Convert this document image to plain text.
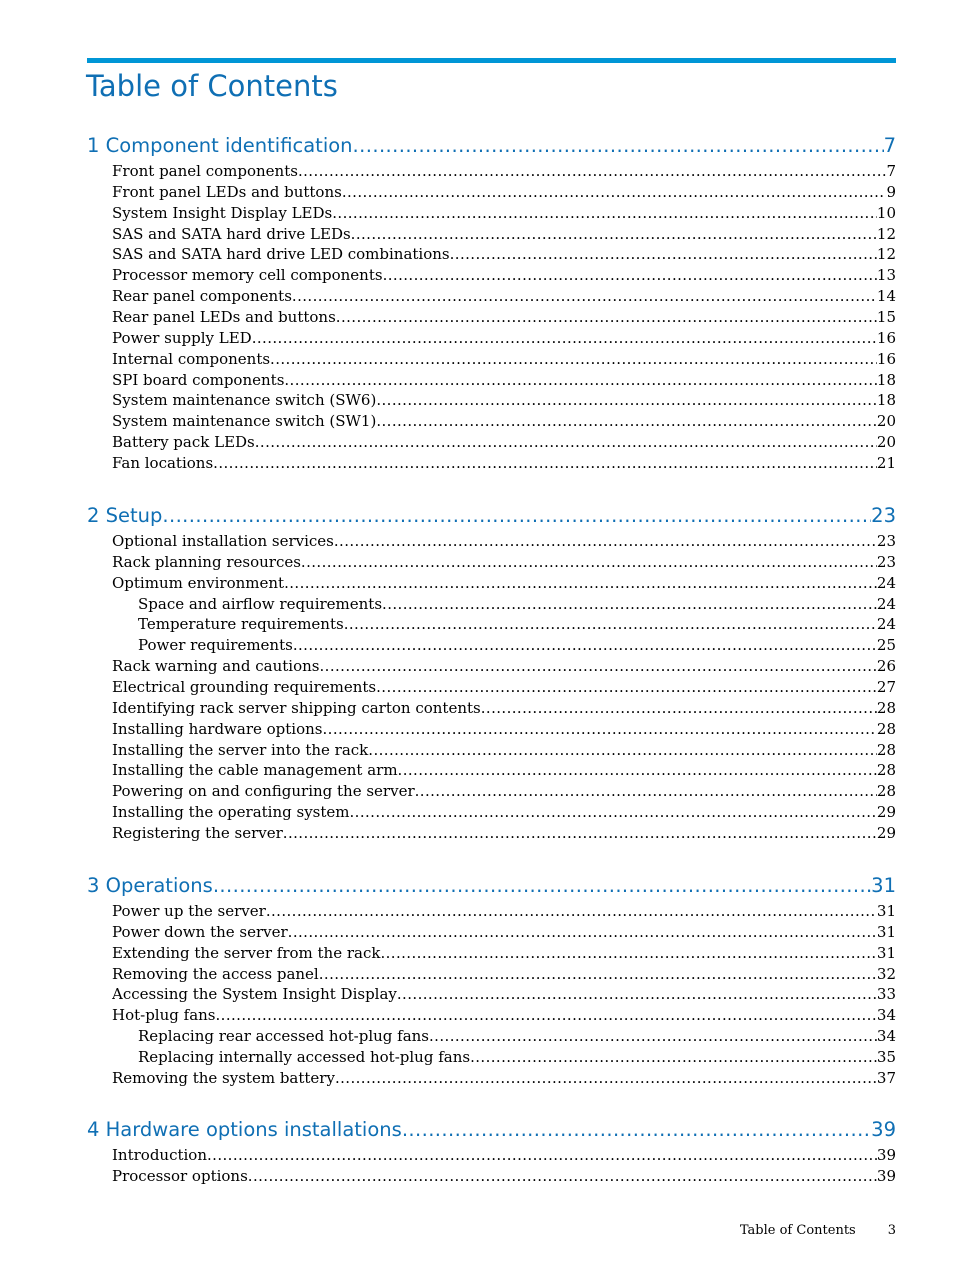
Table of Contents
1 Component identification .....	7
Front panel components .....	7
Front panel LEDs and buttons .....	9
System Insight Display LEDs .....	10
SAS and SATA hard drive LEDs .....	12
SAS and SATA hard drive LED combinations .....	12
Processor memory cell components .....	13
Rear panel components .....	14
Rear panel LEDs and buttons .....	15
Power supply LED .....	16
Internal components .....	16
SPI board components .....	18
System maintenance switch (SW6) .....	18
System maintenance switch (SW1) .....	20
Battery pack LEDs .....	20
Fan locations .....	21
2 Setup .....	23
Optional installation services .....	23
Rack planning resources .....	23
Optimum environment .....	24
Space and airflow requirements .....	24
Temperature requirements .....	24
Power requirements .....	25
Rack warning and cautions .....	26
Electrical grounding requirements .....	27
Identifying rack server shipping carton contents .....	28
Installing hardware options .....	28
Installing the server into the rack .....	28
Installing the cable management arm .....	28
Powering on and configuring the server .....	28
Installing the operating system .....	29
Registering the server .....	29
3 Operations .....	31
Power up the server .....	31
Power down the server .....	31
Extending the server from the rack .....	31
Removing the access panel .....	32
Accessing the System Insight Display .....	33
Hot-plug fans .....	34
Replacing rear accessed hot-plug fans .....	34
Replacing internally accessed hot-plug fans .....	35
Removing the system battery .....	37
4 Hardware options installations .....	39
Introduction .....	39
Processor options .....	39
Table of Contents 3
